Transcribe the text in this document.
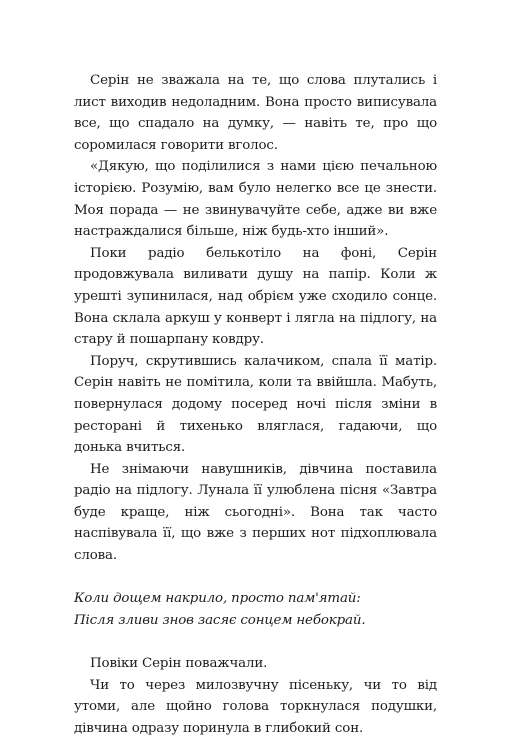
Серін не зважала на те, що слова плутались і лист виходив недоладним. Вона просто виписувала все, що спадало на думку, — навіть те, про що соромилася говорити вголос.

«Дякую, що поділилися з нами цією печальною історією. Розумію, вам було нелегко все це знести. Моя порада — не звинувачуйте себе, адже ви вже настраждалися більше, ніж будь-хто інший».

Поки радіо белькотіло на фоні, Серін продовжувала виливати душу на папір. Коли ж урешті зупинилася, над обрієм уже сходило сонце. Вона склала аркуш у конверт і лягла на підлогу, на стару й пошарпану ковдру.

Поруч, скрутившись калачиком, спала її матір. Серін навіть не помітила, коли та ввійшла. Мабуть, повернулася додому посеред ночі після зміни в ресторані й тихенько вляглася, гадаючи, що донька вчиться.

Не знімаючи навушників, дівчина поставила радіо на підлогу. Лунала її улюблена пісня «Завтра буде краще, ніж сьогодні». Вона так часто наспівувала її, що вже з перших нот підхоплювала слова.

Коли дощем накрило, просто пам'ятай:

Після зливи знов засяє сонцем небокрай.

Повіки Серін поважчали.

Чи то через милозвучну пісеньку, чи то від утоми, але щойно голова торкнулася подушки, дівчина одразу поринула в глибокий сон.
